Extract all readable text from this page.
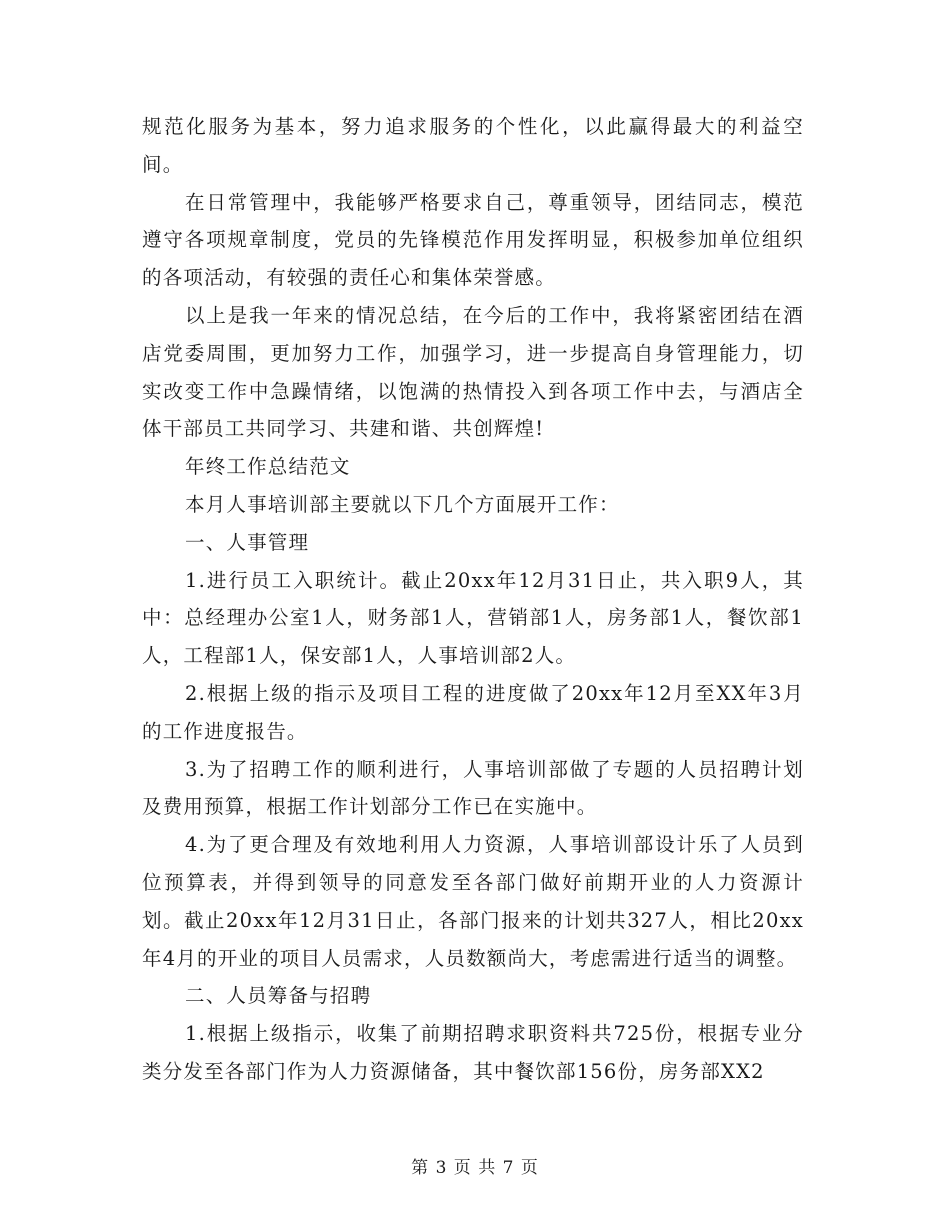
规范化服务为基本，努力追求服务的个性化，以此赢得最大的利益空间。

在日常管理中，我能够严格要求自己，尊重领导，团结同志，模范遵守各项规章制度，党员的先锋模范作用发挥明显，积极参加单位组织的各项活动，有较强的责任心和集体荣誉感。

以上是我一年来的情况总结，在今后的工作中，我将紧密团结在酒店党委周围，更加努力工作，加强学习，进一步提高自身管理能力，切实改变工作中急躁情绪，以饱满的热情投入到各项工作中去，与酒店全体干部员工共同学习、共建和谐、共创辉煌!

年终工作总结范文

本月人事培训部主要就以下几个方面展开工作：

一、人事管理

1.进行员工入职统计。截止20xx年12月31日止，共入职9人，其中：总经理办公室1人，财务部1人，营销部1人，房务部1人，餐饮部1人，工程部1人，保安部1人，人事培训部2人。

2.根据上级的指示及项目工程的进度做了20xx年12月至XX年3月的工作进度报告。

3.为了招聘工作的顺利进行，人事培训部做了专题的人员招聘计划及费用预算，根据工作计划部分工作已在实施中。

4.为了更合理及有效地利用人力资源，人事培训部设计乐了人员到位预算表，并得到领导的同意发至各部门做好前期开业的人力资源计划。截止20xx年12月31日止，各部门报来的计划共327人，相比20xx年4月的开业的项目人员需求，人员数额尚大，考虑需进行适当的调整。

二、人员筹备与招聘

1.根据上级指示，收集了前期招聘求职资料共725份，根据专业分类分发至各部门作为人力资源储备，其中餐饮部156份，房务部XX2

第 3 页 共 7 页
